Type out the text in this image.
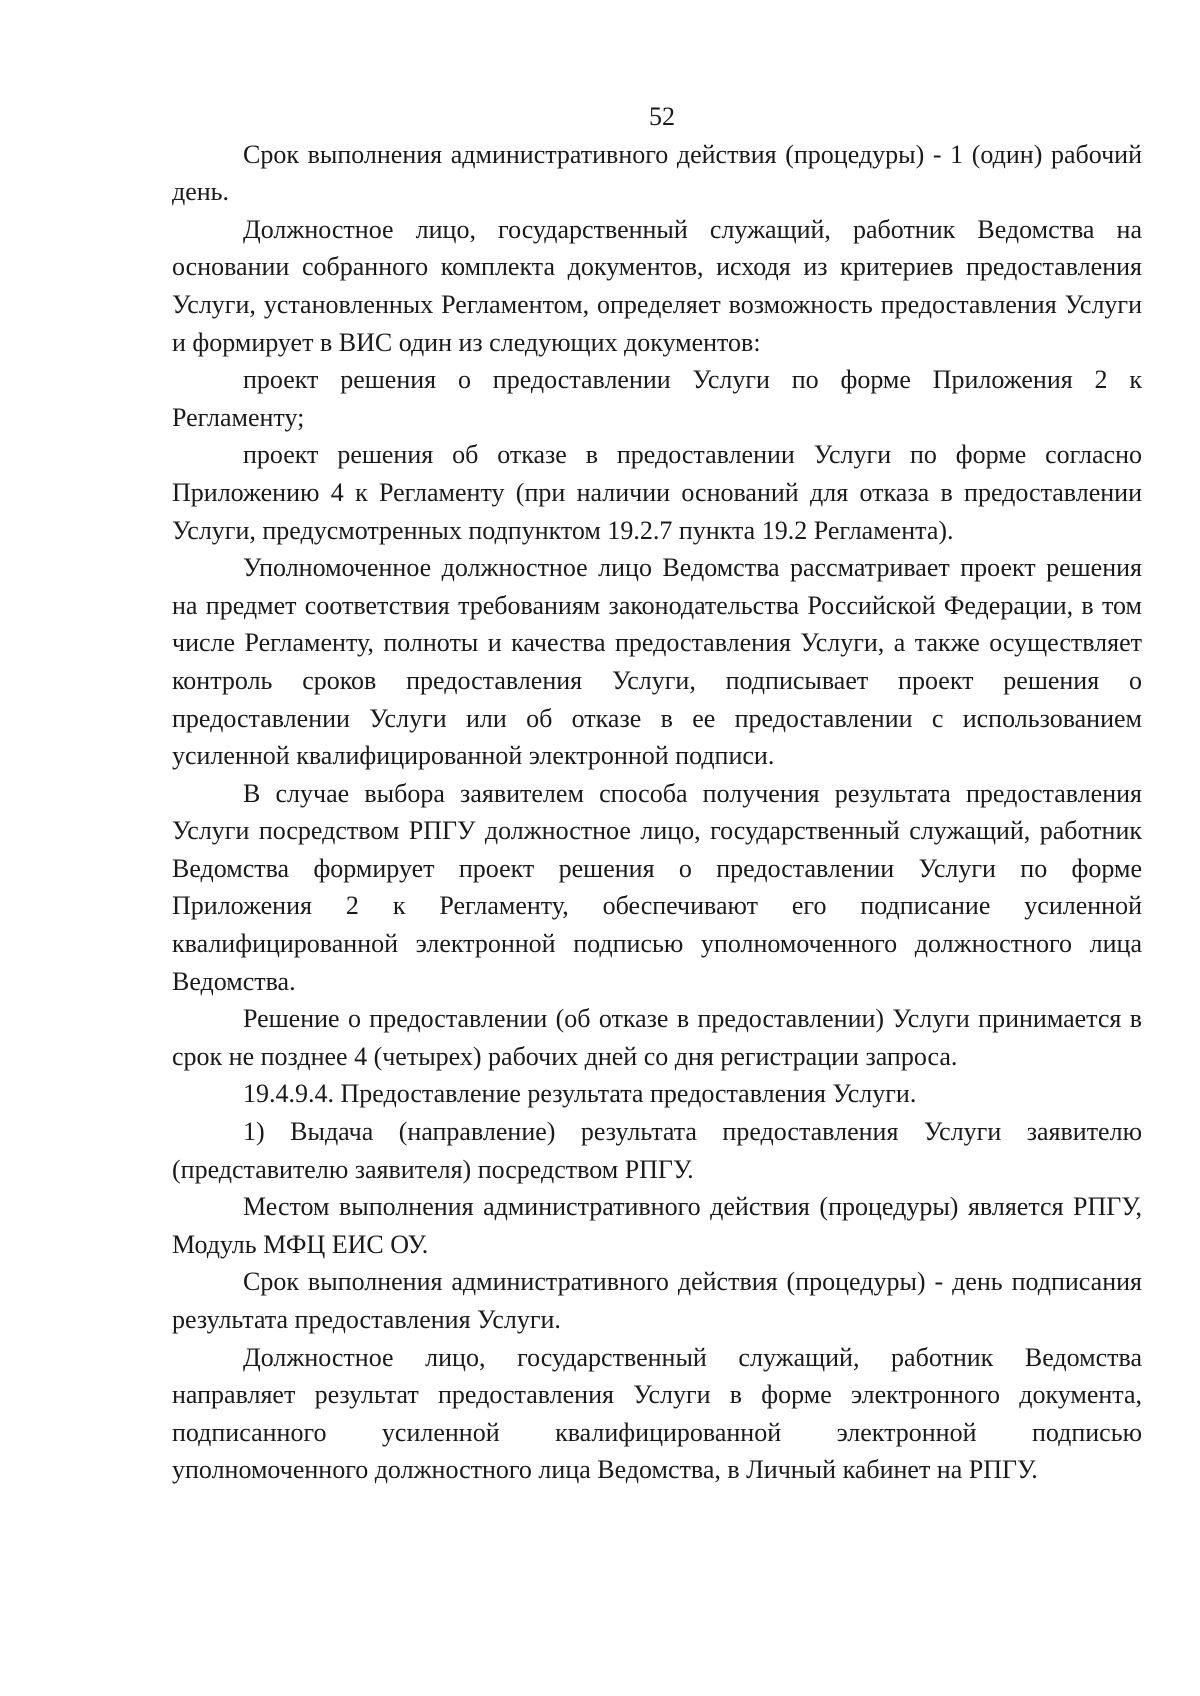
52

Срок выполнения административного действия (процедуры) - 1 (один) рабочий день.

Должностное лицо, государственный служащий, работник Ведомства на основании собранного комплекта документов, исходя из критериев предоставления Услуги, установленных Регламентом, определяет возможность предоставления Услуги и формирует в ВИС один из следующих документов:

проект решения о предоставлении Услуги по форме Приложения 2 к Регламенту;

проект решения об отказе в предоставлении Услуги по форме согласно Приложению 4 к Регламенту (при наличии оснований для отказа в предоставлении Услуги, предусмотренных подпунктом 19.2.7 пункта 19.2 Регламента).

Уполномоченное должностное лицо Ведомства рассматривает проект решения на предмет соответствия требованиям законодательства Российской Федерации, в том числе Регламенту, полноты и качества предоставления Услуги, а также осуществляет контроль сроков предоставления Услуги, подписывает проект решения о предоставлении Услуги или об отказе в ее предоставлении с использованием усиленной квалифицированной электронной подписи.

В случае выбора заявителем способа получения результата предоставления Услуги посредством РПГУ должностное лицо, государственный служащий, работник Ведомства формирует проект решения о предоставлении Услуги по форме Приложения 2 к Регламенту, обеспечивают его подписание усиленной квалифицированной электронной подписью уполномоченного должностного лица Ведомства.

Решение о предоставлении (об отказе в предоставлении) Услуги принимается в срок не позднее 4 (четырех) рабочих дней со дня регистрации запроса.

19.4.9.4. Предоставление результата предоставления Услуги.

1) Выдача (направление) результата предоставления Услуги заявителю (представителю заявителя) посредством РПГУ.

Местом выполнения административного действия (процедуры) является РПГУ, Модуль МФЦ ЕИС ОУ.

Срок выполнения административного действия (процедуры) - день подписания результата предоставления Услуги.

Должностное лицо, государственный служащий, работник Ведомства направляет результат предоставления Услуги в форме электронного документа, подписанного усиленной квалифицированной электронной подписью уполномоченного должностного лица Ведомства, в Личный кабинет на РПГУ.
